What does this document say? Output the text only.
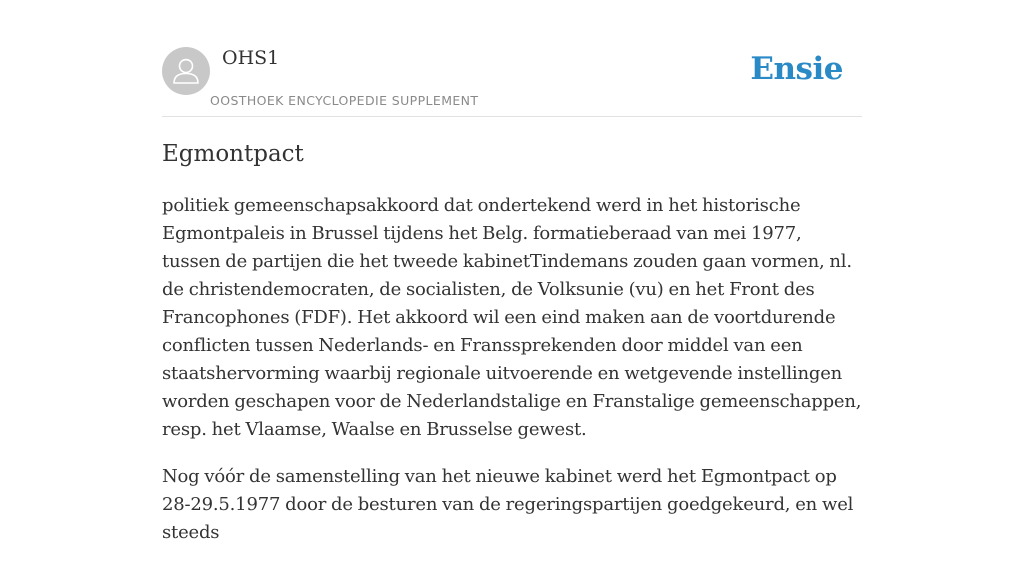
OHS1
OOSTHOEK ENCYCLOPEDIE SUPPLEMENT
Ensie
Egmontpact

politiek gemeenschapsakkoord dat ondertekend werd in het historische Egmontpaleis in Brussel tijdens het Belg. formatieberaad van mei 1977, tussen de partijen die het tweede kabinetTindemans zouden gaan vormen, nl. de christendemocraten, de socialisten, de Volksunie (vu) en het Front des Francophones (FDF). Het akkoord wil een eind maken aan de voortdurende conflicten tussen Nederlands- en Franssprekenden door middel van een staatshervorming waarbij regionale uitvoerende en wetgevende instellingen worden geschapen voor de Nederlandstalige en Franstalige gemeenschappen, resp. het Vlaamse, Waalse en Brusselse gewest.

Nog vóór de samenstelling van het nieuwe kabinet werd het Egmontpact op 28-29.5.1977 door de besturen van de regeringspartijen goedgekeurd, en wel steeds
